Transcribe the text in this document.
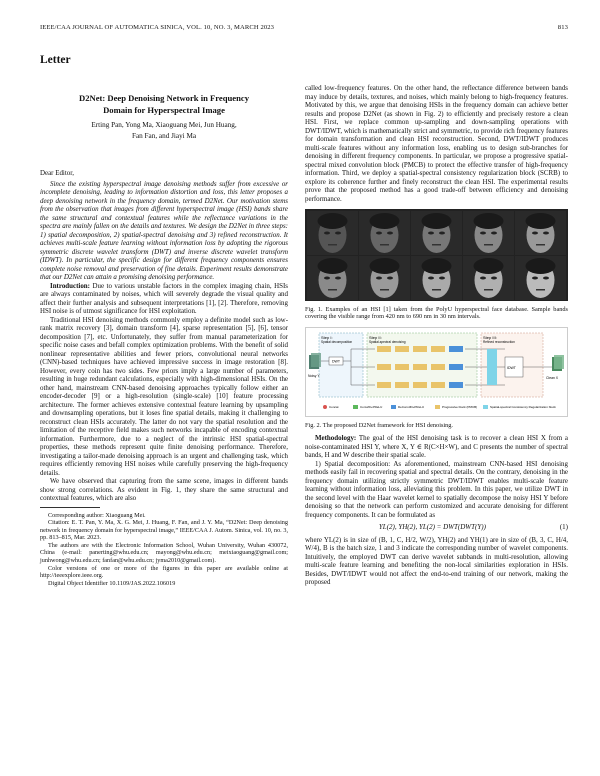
IEEE/CAA JOURNAL OF AUTOMATICA SINICA, VOL. 10, NO. 3, MARCH 2023	813
Letter
D2Net: Deep Denoising Network in Frequency
Domain for Hyperspectral Image
Erting Pan, Yong Ma, Xiaoguang Mei, Jun Huang,
Fan Fan, and Jiayi Ma

Dear Editor,

Since the existing hyperspectral image denoising methods suffer from excessive or incomplete denoising, leading to information distortion and loss, this letter proposes a deep denoising network in the frequency domain, termed D2Net. Our motivation stems from the observation that images from different hyperspectral image (HSI) bands share the same structural and contextual features while the reflectance variations in the spectra are mainly fallen on the details and textures. We design the D2Net in three steps: 1) spatial decomposition, 2) spatial-spectral denoising and 3) refined reconstruction. It achieves multi-scale feature learning without information loss by adopting the rigorous symmetric discrete wavelet transform (DWT) and inverse discrete wavelet transform (IDWT). In particular, the specific design for different frequency components ensures complete noise removal and preservation of fine details. Experiment results demonstrate that our D2Net can attain a promising denoising performance.

Introduction: Due to various unstable factors in the complex imaging chain, HSIs are always contaminated by noises, which will severely degrade the visual quality and affect their further analysis and subsequent interpretations [1], [2]. Therefore, removing HSI noise is of utmost significance for HSI exploitation.

Traditional HSI denoising methods commonly employ a definite model such as low-rank matrix recovery [3], domain transform [4], sparse representation [5], [6], tensor decomposition [7], etc. Unfortunately, they suffer from manual parameterization for specific noise cases and befall complex optimization problems. With the benefit of solid nonlinear representative abilities and fewer priors, convolutional neural networks (CNN)-based techniques have achieved impressive success in image restoration [8]. However, every coin has two sides. Few priors imply a large number of parameters, resulting in huge redundant calculations, especially with high-dimensional HSIs. On the other hand, mainstream CNN-based denoising approaches typically follow either an encoder-decoder [9] or a high-resolution (single-scale) [10] feature processing architecture. The former achieves extensive contextual feature learning by upsampling and downsampling operations, but it loses fine spatial details, making it challenging to reconstruct clean HSIs accurately. The latter do not vary the spatial resolution and the limitation of the receptive field makes such networks incapable of encoding contextual information. Furthermore, due to a neglect of the intrinsic HSI spatial-spectral properties, these methods represent quite finite denoising performance. Therefore, investigating a tailor-made denoising approach is an urgent and challenging task, which requires efficiently removing HSI noises while carefully preserving the high-frequency details.

We have observed that capturing from the same scene, images in different bands show strong correlations. As evident in Fig. 1, they share the same structural and contextual features, which are also

Corresponding author: Xiaoguang Mei.

Citation: E. T. Pan, Y. Ma, X. G. Mei, J. Huang, F. Fan, and J. Y. Ma, “D2Net: Deep denoising network in frequency domain for hyperspectral image,” IEEE/CAA J. Autom. Sinica, vol. 10, no. 3, pp. 813–815, Mar. 2023.

The authors are with the Electronic Information School, Wuhan University, Wuhan 430072, China (e-mail: panerting@whu.edu.cn; mayong@whu.edu.cn; meixiaoguang@gmail.com; junhwong@whu.edu.cn; fanfan@whu.edu.cn; jyma2010@gmail.com).

Color versions of one or more of the figures in this paper are available online at http://ieeexplore.ieee.org.

Digital Object Identifier 10.1109/JAS.2022.106019

called low-frequency features. On the other hand, the reflectance difference between bands may induce by details, textures, and noises, which mainly belong to high-frequency features. Motivated by this, we argue that denoising HSIs in the frequency domain can achieve better results and propose D2Net (as shown in Fig. 2) to efficiently and precisely restore a clean HSI. First, we replace common up-sampling and down-sampling operations with DWT/IDWT, which is mathematically strict and symmetric, to provide rich frequency features for domain transformation and clean HSI reconstruction. Second, DWT/IDWT produces multi-scale features without any information loss, enabling us to design sub-branches for denoising in different frequency components. In particular, we propose a progressive spatial-spectral mixed convolution block (PMCB) to protect the effective transfer of high-frequency information. Third, we deploy a spatial-spectral consistency regularization block (SCRB) to explore its coherence further and finely reconstruct the clean HSI. The experimental results prove that the proposed method has a good trade-off between efficiency and denoising performance.

Fig. 1. Examples of an HSI [1] taken from the PolyU hyperspectral face database. Sample bands covering the visible range from 420 nm to 690 nm in 30 nm intervals.
Step I:
Spatial decomposition
Step II:
Spatial-spectral denoising
Step III:
Refined reconstruction
Noisy Y
DWT
IDWT
Clean X
Concat	Conv2D+PReLU	DeConv3D+PReLU	Progressive block (PMCB)	Spatial-spectral Consistency Regularization block
Fig. 2. The proposed D2Net framework for HSI denoising.

Methodology: The goal of the HSI denoising task is to recover a clean HSI X from a noise-contaminated HSI Y, where X, Y ∈ R(C×H×W), and C presents the number of spectral bands, H and W describe their spatial scale.

1) Spatial decomposition: As aforementioned, mainstream CNN-based HSI denoising methods easily fail in recovering spatial and spectral details. On the contrary, denoising in the frequency domain utilizing strictly symmetric DWT/IDWT enables multi-scale feature learning without information loss, alleviating this problem. In this paper, we utilize DWT in the second level with the Haar wavelet kernel to spatially decompose the noisy HSI Y before denoising so that the network can perform customized and accurate denoising for different frequency components. It can be formulated as

YL(2), YH(2), YL(2) = DWT(DWT(Y))	(1)

where YL(2) is in size of (B, 1, C, H/2, W/2), YH(2) and YH(1) are in size of (B, 3, C, H/4, W/4), B is the batch size, 1 and 3 indicate the corresponding number of wavelet components. Intuitively, the employed DWT can derive wavelet subbands in multi-resolution, allowing multi-scale feature learning and benefiting the non-local similarities exploration in HSIs. Besides, DWT/IDWT would not affect the end-to-end training of our network, making the proposed
